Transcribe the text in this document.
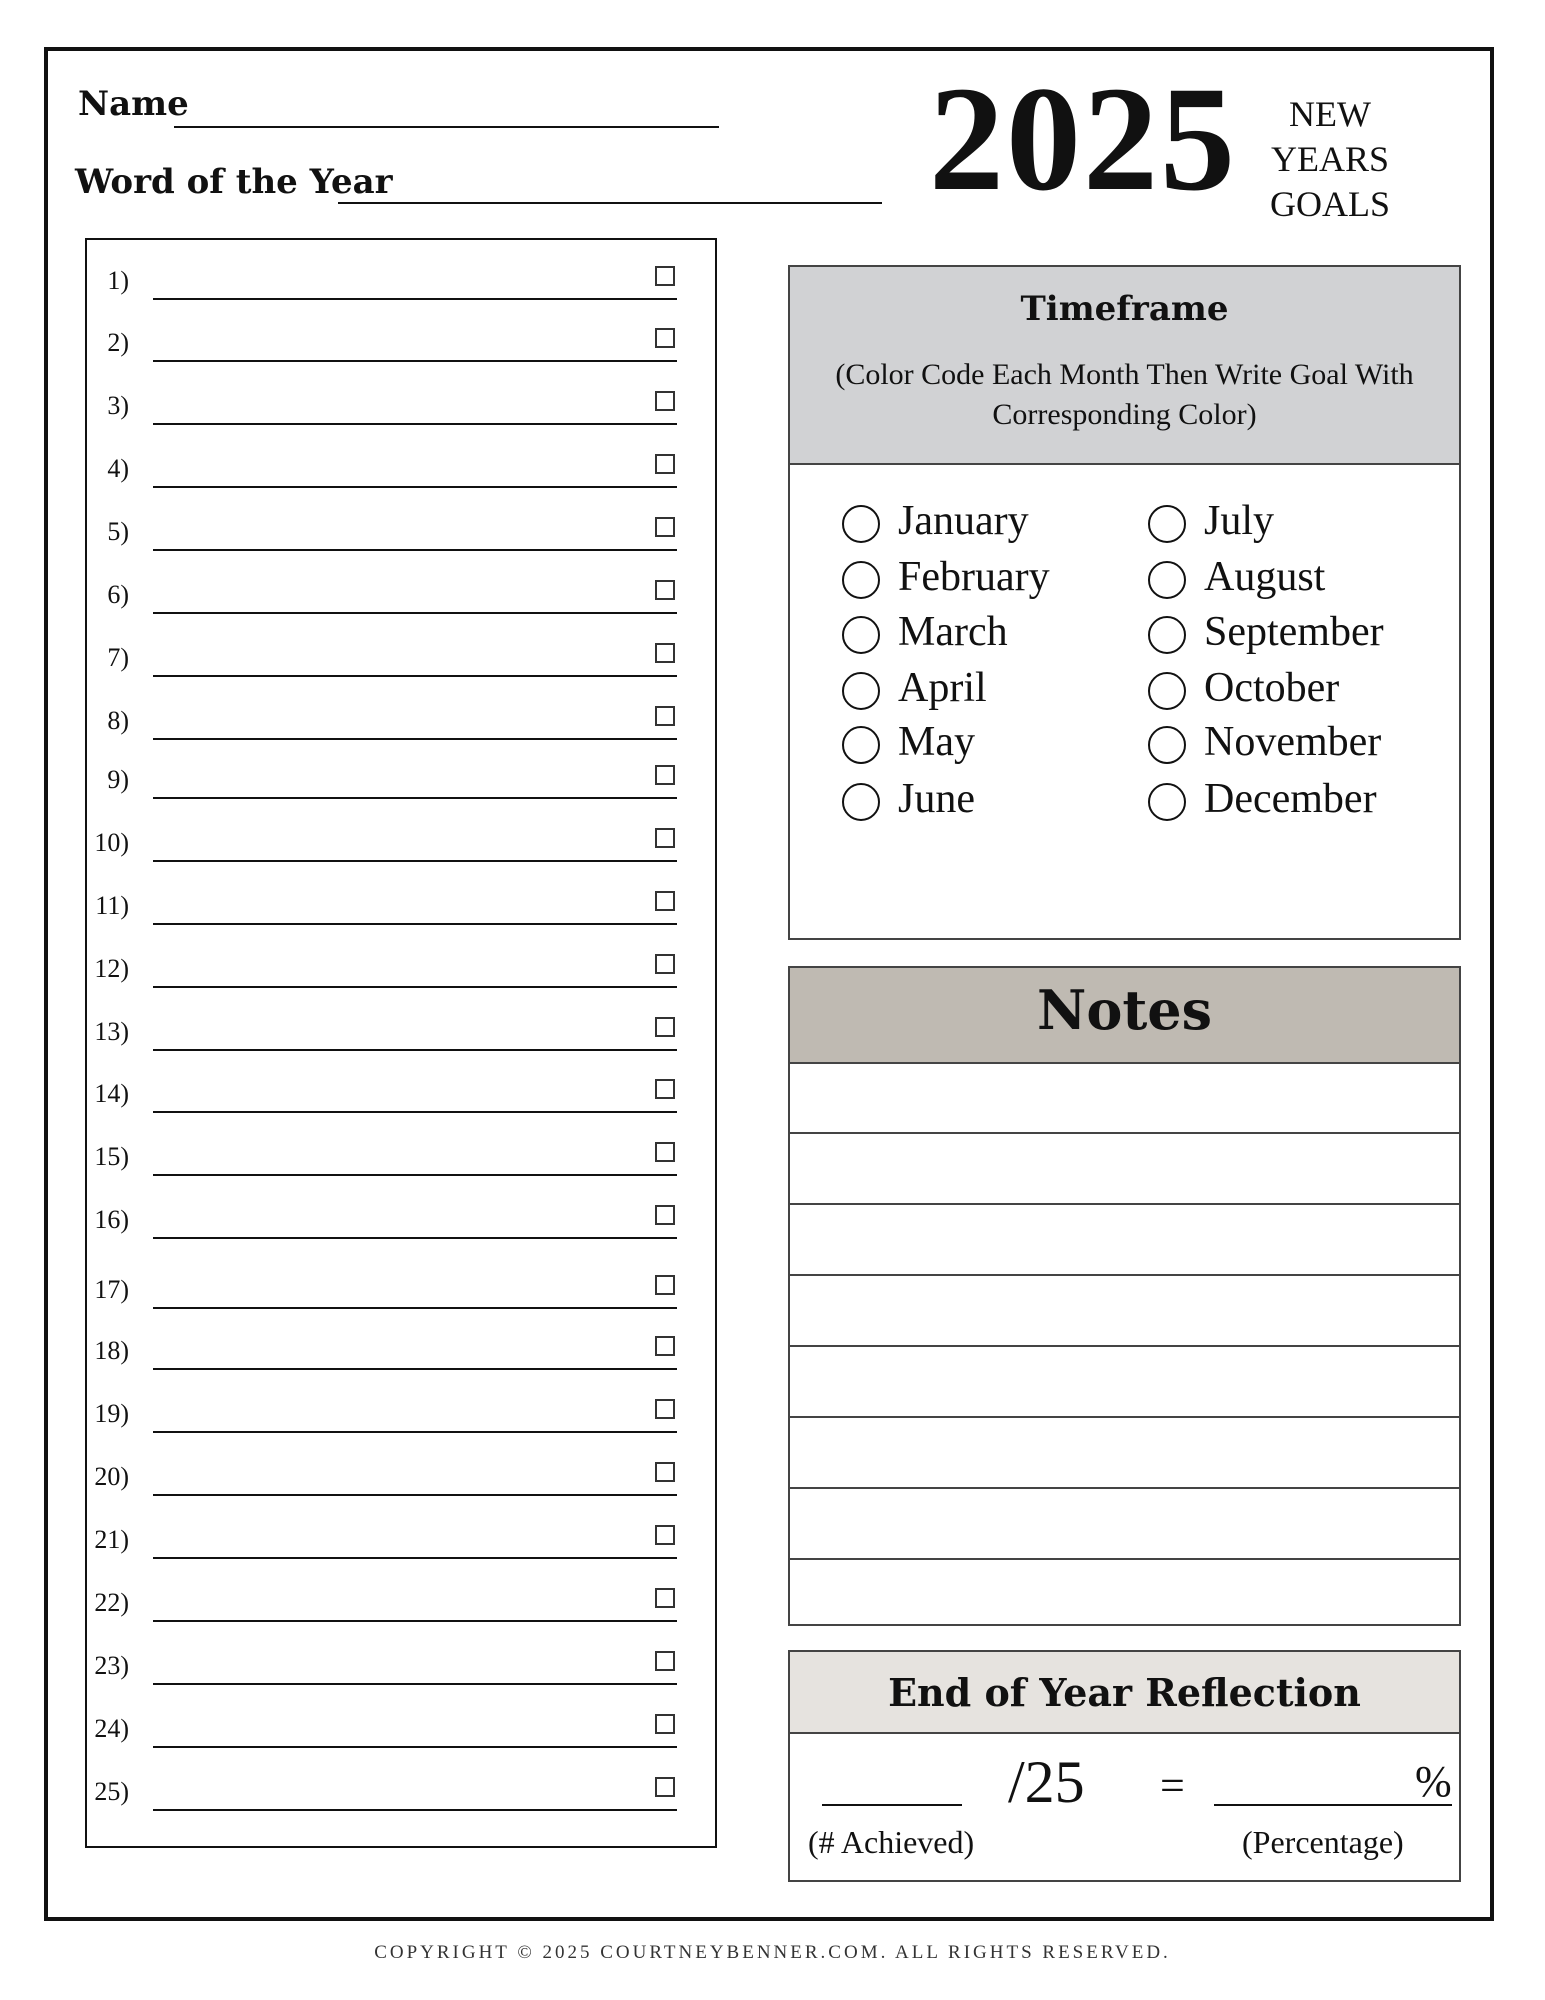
Name
Word of the Year	2025	NEW
YEARS
GOALS
1)
2)
3)
4)
5)
6)
7)
8)
9)
10)
11)
12)
13)
14)
15)
16)
17)
18)
19)
20)
21)
22)
23)
24)
25)
Timeframe
(Color Code Each Month Then Write Goal With Corresponding Color)
January
February
March
April
May
June
July
August
September
October
November
December
Notes
End of Year Reflection
/25 =	%
(# Achieved)	(Percentage)
COPYRIGHT © 2025 COURTNEYBENNER.COM. ALL RIGHTS RESERVED.
